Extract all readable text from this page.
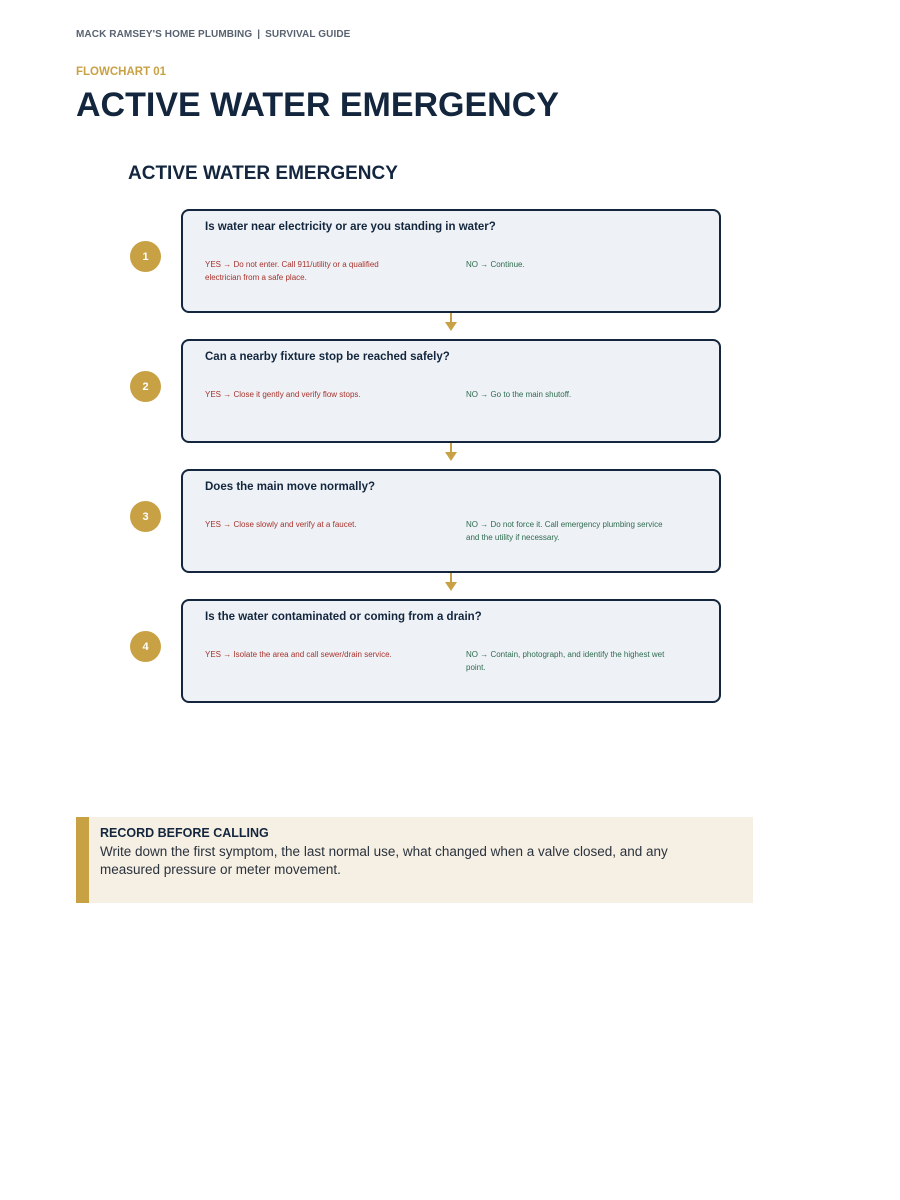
MACK RAMSEY'S HOME PLUMBING | SURVIVAL GUIDE
FLOWCHART 01
ACTIVE WATER EMERGENCY
ACTIVE WATER EMERGENCY
1
Is water near electricity or are you standing in water?
YES → Do not enter. Call 911/utility or a qualified electrician from a safe place.
NO → Continue.
2
Can a nearby fixture stop be reached safely?
YES → Close it gently and verify flow stops.	NO → Go to the main shutoff.
3
Does the main move normally?
YES → Close slowly and verify at a faucet.	NO → Do not force it. Call emergency plumbing service and the utility if necessary.
4
Is the water contaminated or coming from a drain?
YES → Isolate the area and call sewer/drain service.	NO → Contain, photograph, and identify the highest wet point.
RECORD BEFORE CALLING
Write down the first symptom, the last normal use, what changed when a valve closed, and any measured pressure or meter movement.
